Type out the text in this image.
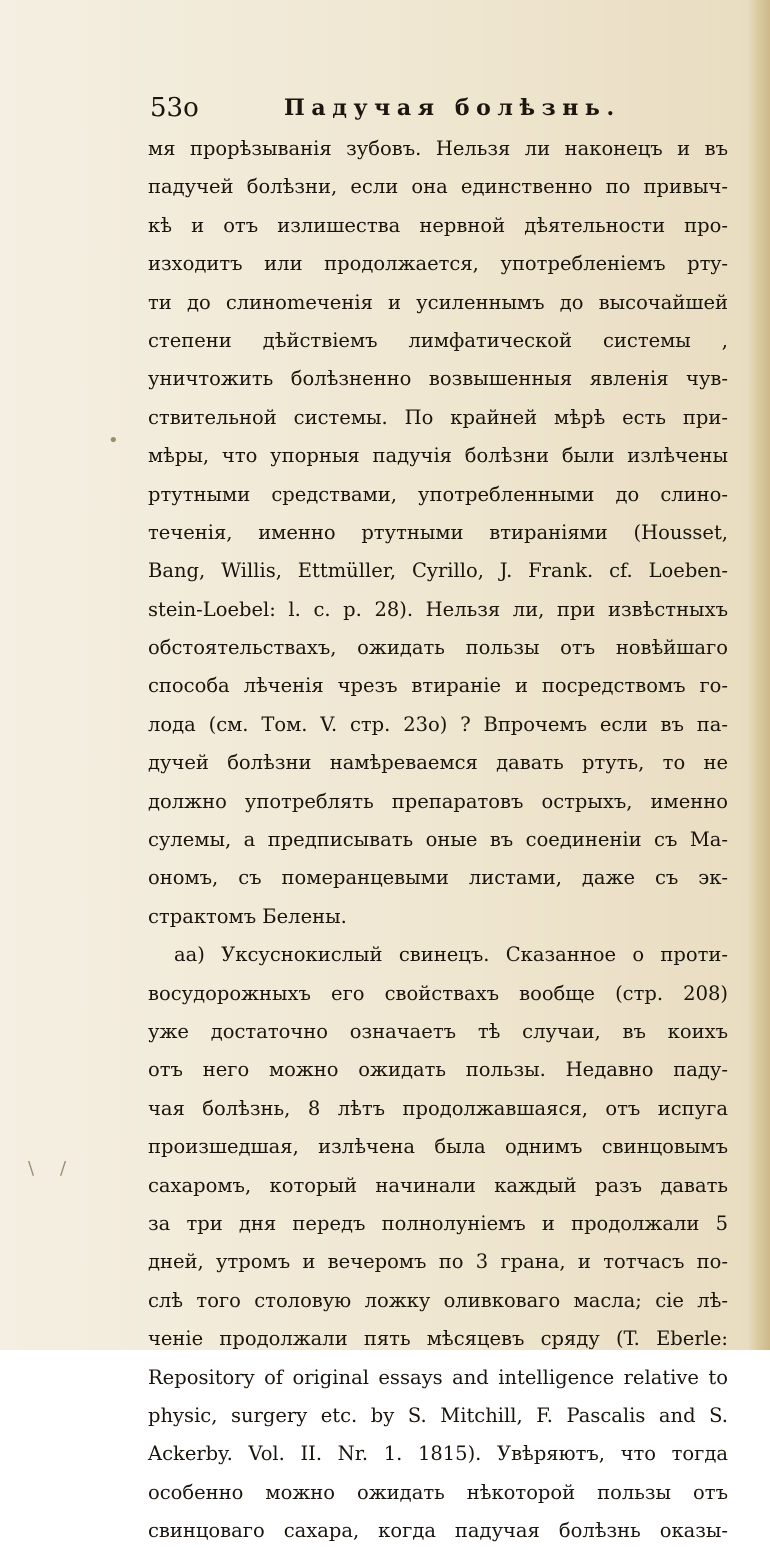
53o	Падучая болѣзнь.
мя прорѣзыванія зубовъ. Нельзя ли наконецъ и въ
падучей болѣзни, если она единственно по привыч-
кѣ и отъ излишества нервной дѣятельности про-
изходитъ или продолжается, употребленіемъ ртy-
ти до слиноmеченія и усиленнымъ до высочайшей
степени дѣйствіемъ лимфатической системы ,
уничтожить болѣзненно возвышенныя явленія чув-
ствительной системы. По крайней мѣрѣ есть при-
мѣры, что упорныя падучія болѣзни были излѣчены
ртутными средствами, употребленными до слино-
теченія, именно ртутными втираніями (Housset,
Bang, Willis, Ettmüller, Cyrillo, J. Frank. cf. Loeben-
stein-Loebel: l. c. p. 28). Нельзя ли, при извѣстныхъ
обстоятельствахъ, ожидать пользы отъ новѣйшаго
способа лѣченія чрезъ втираніе и посредствомъ го-
лода (см. Том. V. стр. 23о) ? Впрочемъ если въ па-
дучей болѣзни намѣреваемся давать ртуть, то не
должно употреблять препаратовъ острыхъ, именно
сулемы, а предписывать оные въ соединеніи съ Ма-
ономъ, съ померанцевыми листами, даже съ эк-
страктомъ Белены.
аа) Уксуснокислый свинецъ. Сказанное о проти-
восудорожныхъ его свойствахъ вообще (стр. 208)
уже достаточно означаетъ тѣ случаи, въ коихъ
отъ него можно ожидать пользы. Недавно паду-
чая болѣзнь, 8 лѣтъ продолжавшаяся, отъ испуга
произшедшая, излѣчена была однимъ свинцовымъ
сахаромъ, который начинали каждый разъ давать
за три дня передъ полнолуніемъ и продолжали 5
дней, утромъ и вечеромъ по 3 грана, и тотчасъ по-
слѣ того столовую ложку оливковаго масла; сіе лѣ-
ченіе продолжали пять мѣсяцевъ сряду (T. Eberle:
Repository of original essays and intelligence relative to
physic, surgery etc. by S. Mitchill, F. Pascalis and S.
Ackerby. Vol. II. Nr. 1. 1815). Увѣряютъ, что тогда
особенно можно ожидать нѣкоторой пользы отъ
свинцоваго сахара, когда падучая болѣзнь оказы-
•
\ /
